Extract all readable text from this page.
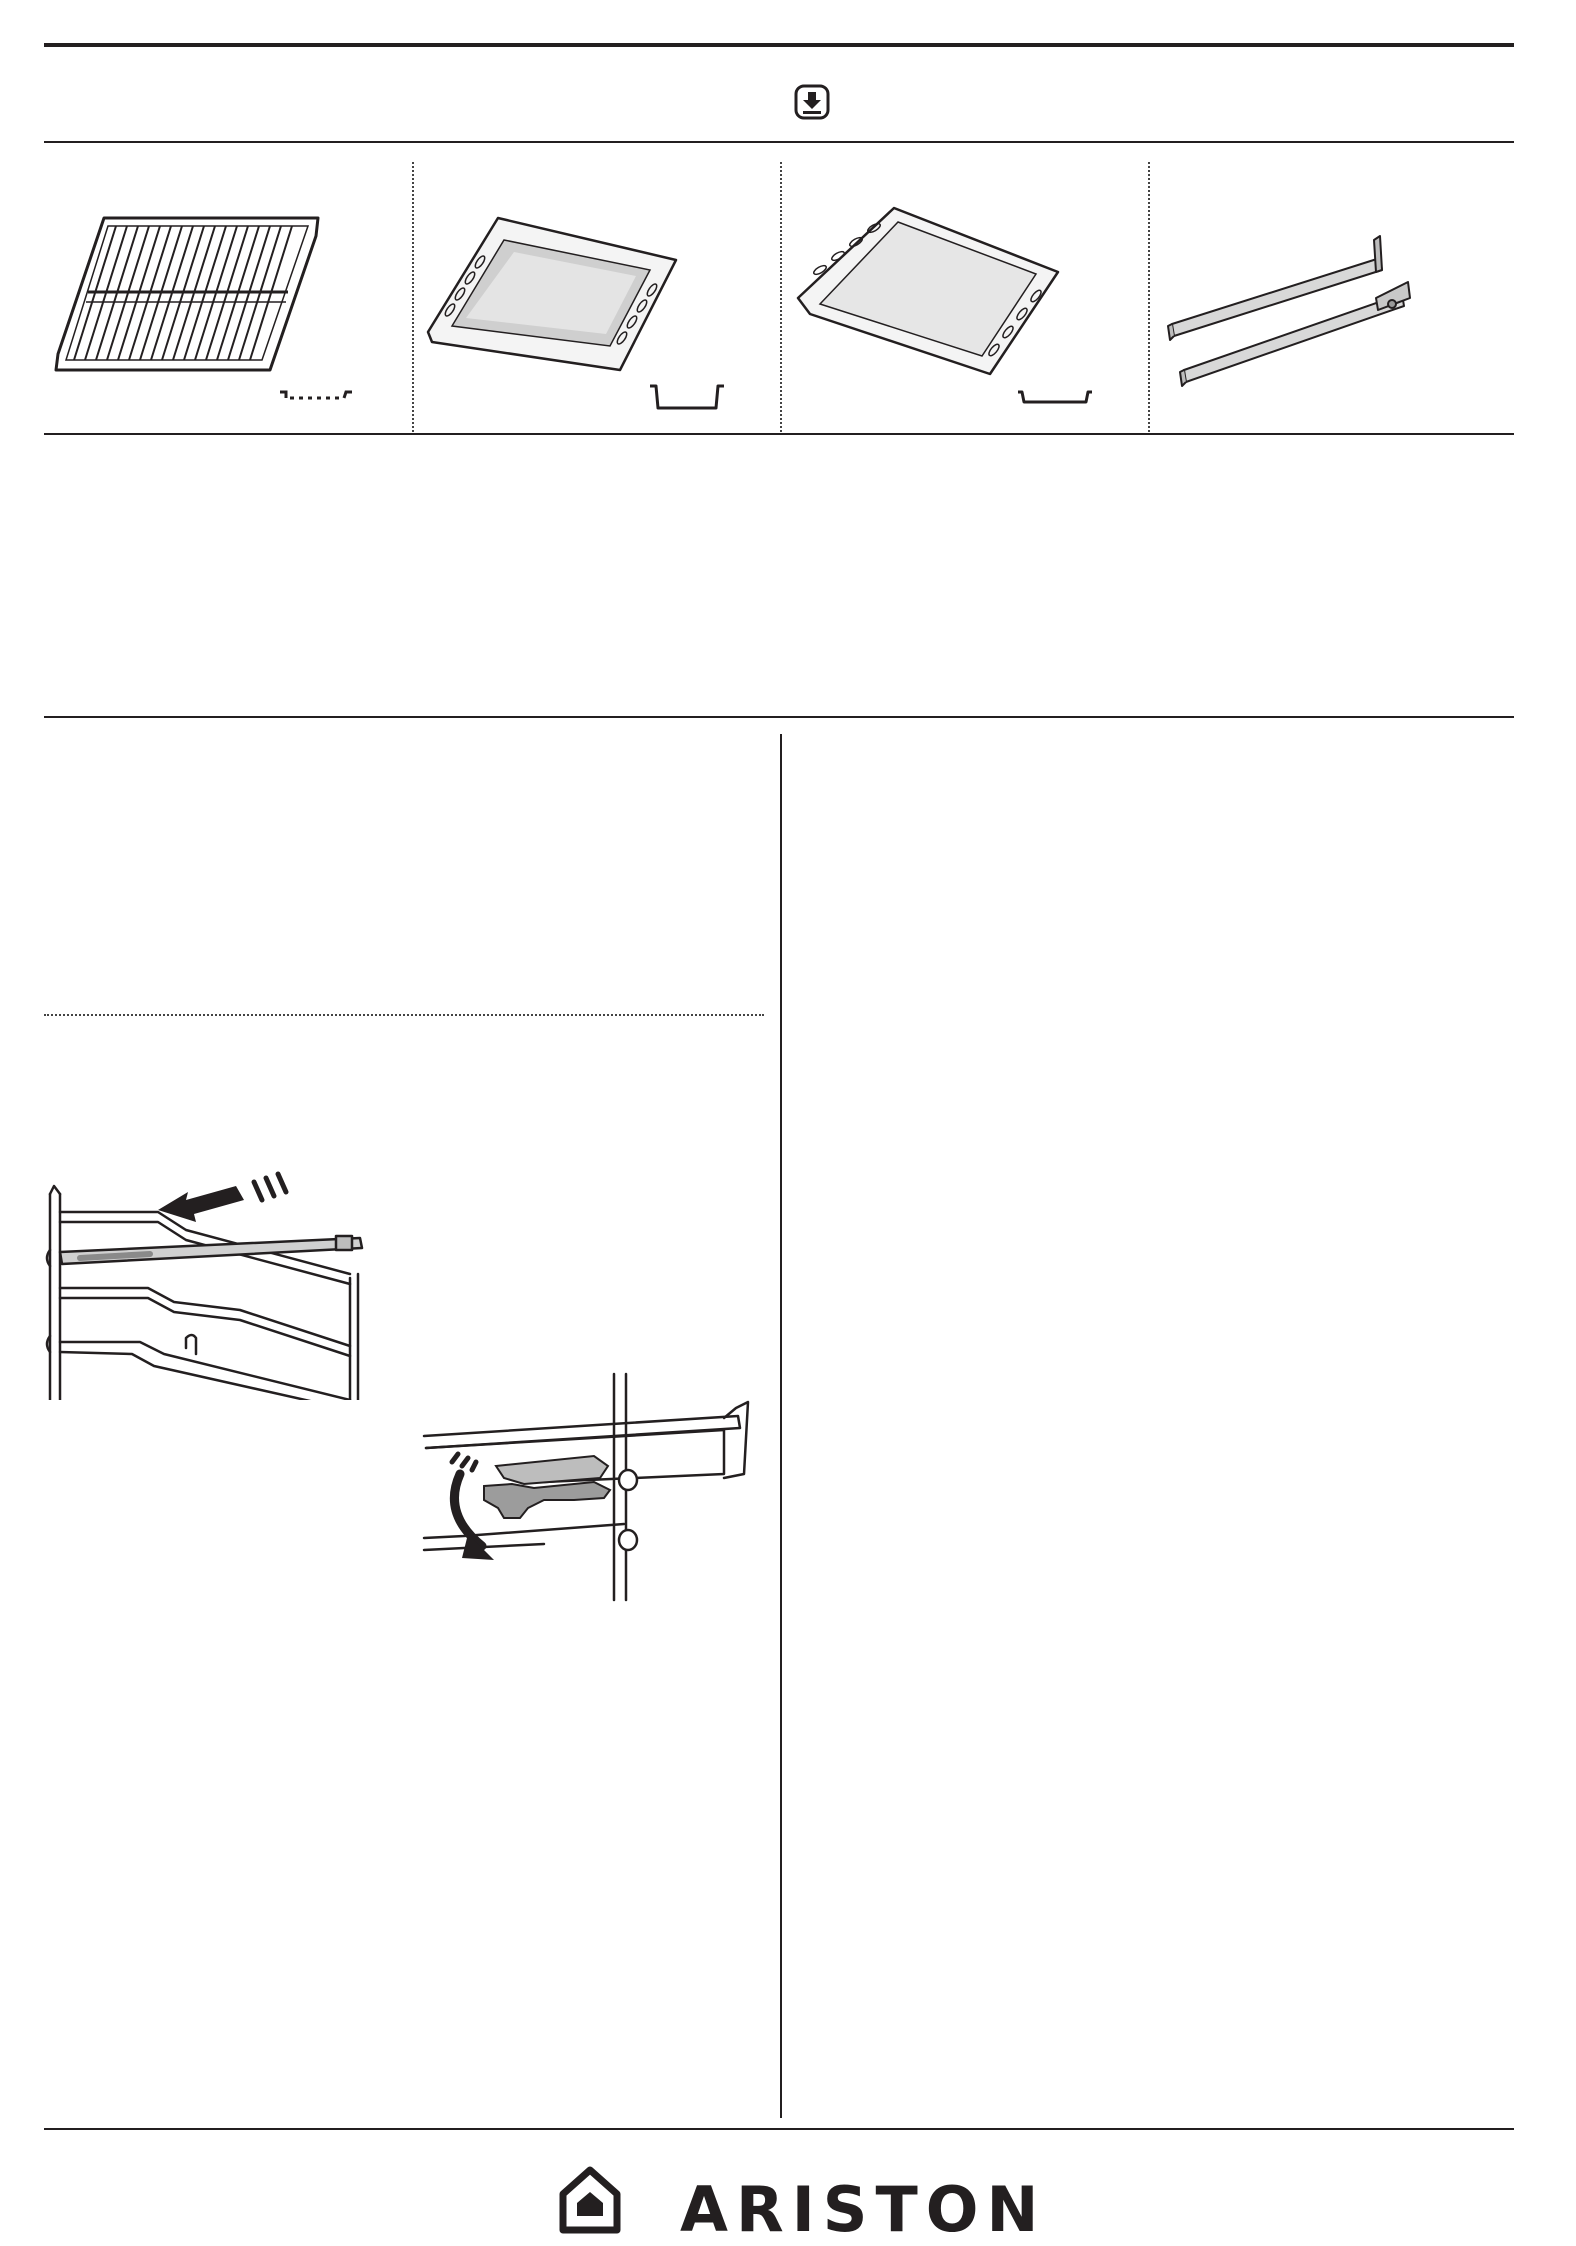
ARISTON
